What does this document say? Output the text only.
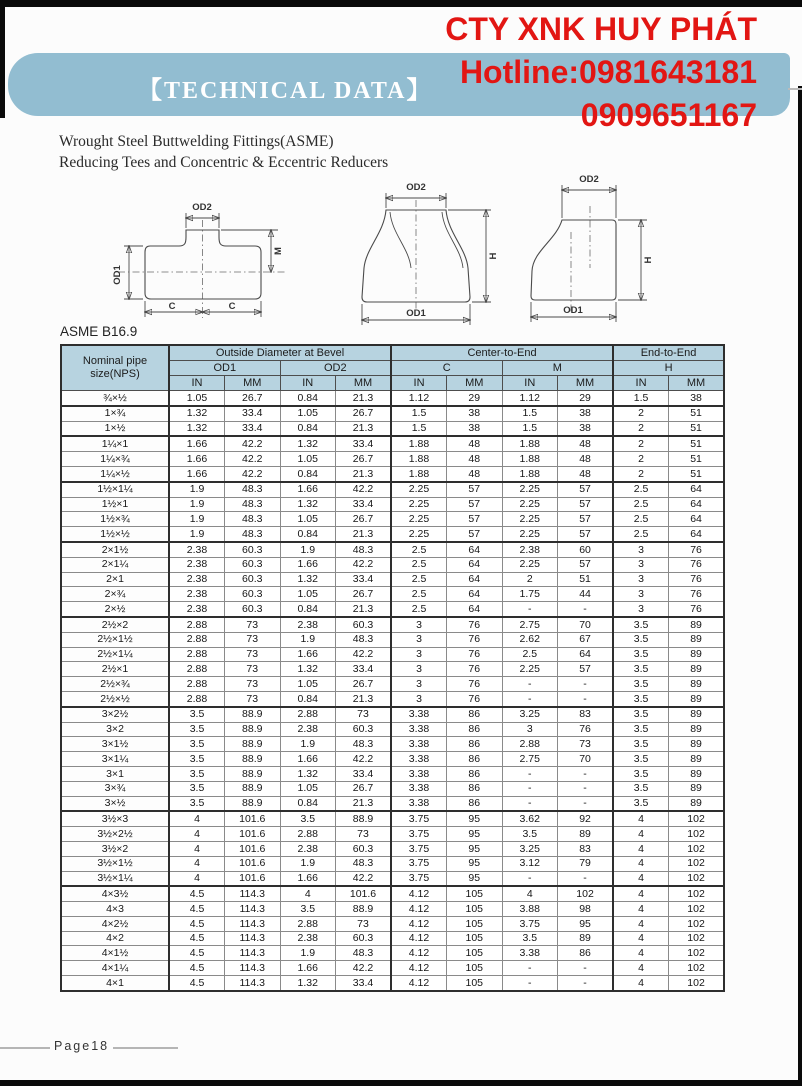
【TECHNICAL DATA】
CTY XNK HUY PHÁT
Hotline:0981643181
0909651167
Wrought Steel Buttwelding Fittings(ASME)
Reducing Tees and Concentric & Eccentric Reducers
OD2
OD1
M
C	C
OD2
H
OD1
OD2
H
OD1
ASME B16.9
Nominal pipe size(NPS)	Outside Diameter at Bevel				Center-to-End				End-to-End	
	OD1		OD2		C		M		H	
	IN	MM	IN	MM	IN	MM	IN	MM	IN	MM
¾×½	1.05	26.7	0.84	21.3	1.12	29	1.12	29	1.5	38
1×¾	1.32	33.4	1.05	26.7	1.5	38	1.5	38	2	51
1×½	1.32	33.4	0.84	21.3	1.5	38	1.5	38	2	51
1¼×1	1.66	42.2	1.32	33.4	1.88	48	1.88	48	2	51
1¼×¾	1.66	42.2	1.05	26.7	1.88	48	1.88	48	2	51
1¼×½	1.66	42.2	0.84	21.3	1.88	48	1.88	48	2	51
1½×1¼	1.9	48.3	1.66	42.2	2.25	57	2.25	57	2.5	64
1½×1	1.9	48.3	1.32	33.4	2.25	57	2.25	57	2.5	64
1½×¾	1.9	48.3	1.05	26.7	2.25	57	2.25	57	2.5	64
1½×½	1.9	48.3	0.84	21.3	2.25	57	2.25	57	2.5	64
2×1½	2.38	60.3	1.9	48.3	2.5	64	2.38	60	3	76
2×1¼	2.38	60.3	1.66	42.2	2.5	64	2.25	57	3	76
2×1	2.38	60.3	1.32	33.4	2.5	64	2	51	3	76
2×¾	2.38	60.3	1.05	26.7	2.5	64	1.75	44	3	76
2×½	2.38	60.3	0.84	21.3	2.5	64	-	-	3	76
2½×2	2.88	73	2.38	60.3	3	76	2.75	70	3.5	89
2½×1½	2.88	73	1.9	48.3	3	76	2.62	67	3.5	89
2½×1¼	2.88	73	1.66	42.2	3	76	2.5	64	3.5	89
2½×1	2.88	73	1.32	33.4	3	76	2.25	57	3.5	89
2½×¾	2.88	73	1.05	26.7	3	76	-	-	3.5	89
2½×½	2.88	73	0.84	21.3	3	76	-	-	3.5	89
3×2½	3.5	88.9	2.88	73	3.38	86	3.25	83	3.5	89
3×2	3.5	88.9	2.38	60.3	3.38	86	3	76	3.5	89
3×1½	3.5	88.9	1.9	48.3	3.38	86	2.88	73	3.5	89
3×1¼	3.5	88.9	1.66	42.2	3.38	86	2.75	70	3.5	89
3×1	3.5	88.9	1.32	33.4	3.38	86	-	-	3.5	89
3×¾	3.5	88.9	1.05	26.7	3.38	86	-	-	3.5	89
3×½	3.5	88.9	0.84	21.3	3.38	86	-	-	3.5	89
3½×3	4	101.6	3.5	88.9	3.75	95	3.62	92	4	102
3½×2½	4	101.6	2.88	73	3.75	95	3.5	89	4	102
3½×2	4	101.6	2.38	60.3	3.75	95	3.25	83	4	102
3½×1½	4	101.6	1.9	48.3	3.75	95	3.12	79	4	102
3½×1¼	4	101.6	1.66	42.2	3.75	95	-	-	4	102
4×3½	4.5	114.3	4	101.6	4.12	105	4	102	4	102
4×3	4.5	114.3	3.5	88.9	4.12	105	3.88	98	4	102
4×2½	4.5	114.3	2.88	73	4.12	105	3.75	95	4	102
4×2	4.5	114.3	2.38	60.3	4.12	105	3.5	89	4	102
4×1½	4.5	114.3	1.9	48.3	4.12	105	3.38	86	4	102
4×1¼	4.5	114.3	1.66	42.2	4.12	105	-	-	4	102
4×1	4.5	114.3	1.32	33.4	4.12	105	-	-	4	102
Page18
